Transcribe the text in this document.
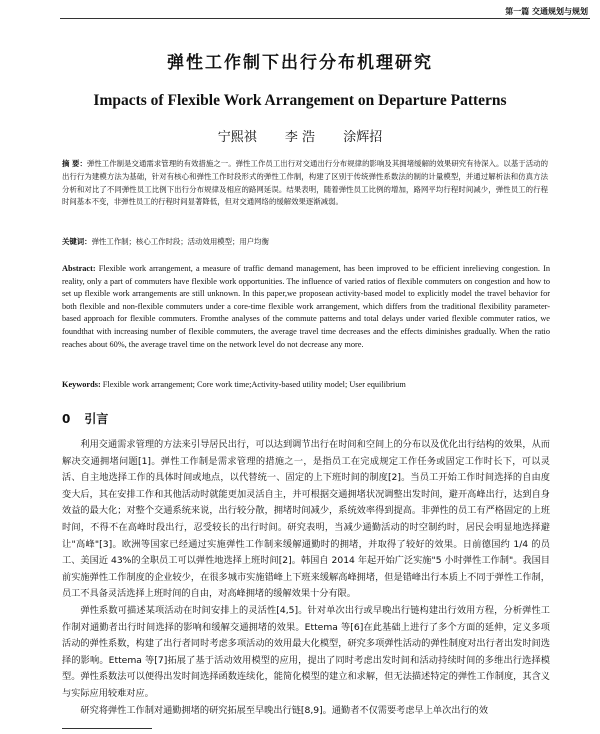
第一篇 交通规划与规划
弹性工作制下出行分布机理研究
Impacts of Flexible Work Arrangement on Departure Patterns
宁熙祺 李 浩 涂辉招
摘 要：弹性工作制是交通需求管理的有效措施之一。弹性工作员工出行对交通出行分布规律的影响及其拥堵缓解的效果研究有待深入。以基于活动的出行行为建模方法为基础，针对有核心和弹性工作时段形式的弹性工作制，构建了区别于传统弹性系数法的制的计量模型，并通过解析法和仿真方法分析和对比了不同弹性员工比例下出行分布规律及相应的路网延误。结果表明，随着弹性员工比例的增加，路网平均行程时间减少，弹性员工的行程时间基本不变，非弹性员工的行程时间显著降低，但对交通网络的缓解效果逐渐减弱。
关键词：弹性工作制；核心工作时段；活动效用模型；用户均衡
Abstract: Flexible work arrangement, a measure of traffic demand management, has been improved to be efficient inrelieving congestion. In reality, only a part of commuters have flexible work opportunities. The influence of varied ratios of flexible commuters on congestion and how to set up flexible work arrangements are still unknown. In this paper,we proposean activity-based model to explicitly model the travel behavior for both flexible and non-flexible commuters under a core-time flexible work arrangement, which differs from the traditional flexibility parameter-based approach for flexible commuters. Fromthe analyses of the commute patterns and total delays under varied flexible commuter ratios, we foundthat with increasing number of flexible commuters, the average travel time decreases and the effects diminishes gradually. When the ratio reaches about 60%, the average travel time on the network level do not decrease any more.
Keywords: Flexible work arrangement; Core work time;Activity-based utility model; User equilibrium
0 引言

利用交通需求管理的方法来引导居民出行，可以达到调节出行在时间和空间上的分布以及优化出行结构的效果，从而解决交通拥堵问题[1]。弹性工作制是需求管理的措施之一，是指员工在完成规定工作任务或固定工作时长下，可以灵活、自主地选择工作的具体时间或地点，以代替统一、固定的上下班时间的制度[2]。当员工开始工作时间选择的自由度变大后，其在安排工作和其他活动时就能更加灵活自主，并可根据交通拥堵状况调整出发时间，避开高峰出行，达到自身效益的最大化；对整个交通系统来说，出行较分散，拥堵时间减少，系统效率得到提高。非弹性的员工有严格固定的上班时间，不得不在高峰时段出行，忍受较长的出行时间。研究表明，当减少通勤活动的时空制约时，居民会明显地选择避让"高峰"[3]。欧洲等国家已经通过实施弹性工作制来缓解通勤时的拥堵，并取得了较好的效果。日前德国约 1/4 的员工、美国近 43%的全职员工可以弹性地选择上班时间[2]。韩国自 2014 年起开始广泛实施"5 小时弹性工作制"。我国目前实施弹性工作制度的企业较少，在很多城市实施错峰上下班来缓解高峰拥堵，但是错峰出行本质上不同于弹性工作制，员工不具备灵活选择上班时间的自由，对高峰拥堵的缓解效果十分有限。

弹性系数可描述某项活动在时间安排上的灵活性[4,5]。针对单次出行或早晚出行链构建出行效用方程，分析弹性工作制对通勤者出行时间选择的影响和缓解交通拥堵的效果。Ettema 等[6]在此基础上进行了多个方面的延伸，定义多项活动的弹性系数，构建了出行者同时考虑多项活动的效用最大化模型，研究多项弹性活动的弹性制度对出行者出发时间选择的影响。Ettema 等[7]拓展了基于活动效用模型的应用，提出了同时考虑出发时间和活动持续时间的多维出行选择模型。弹性系数法可以便得出发时间选择函数连续化，能简化模型的建立和求解，但无法描述特定的弹性工作制度，其含义与实际应用较难对应。

研究将弹性工作制对通勤拥堵的研究拓展至早晚出行链[8,9]。通勤者不仅需要考虑早上单次出行的效
